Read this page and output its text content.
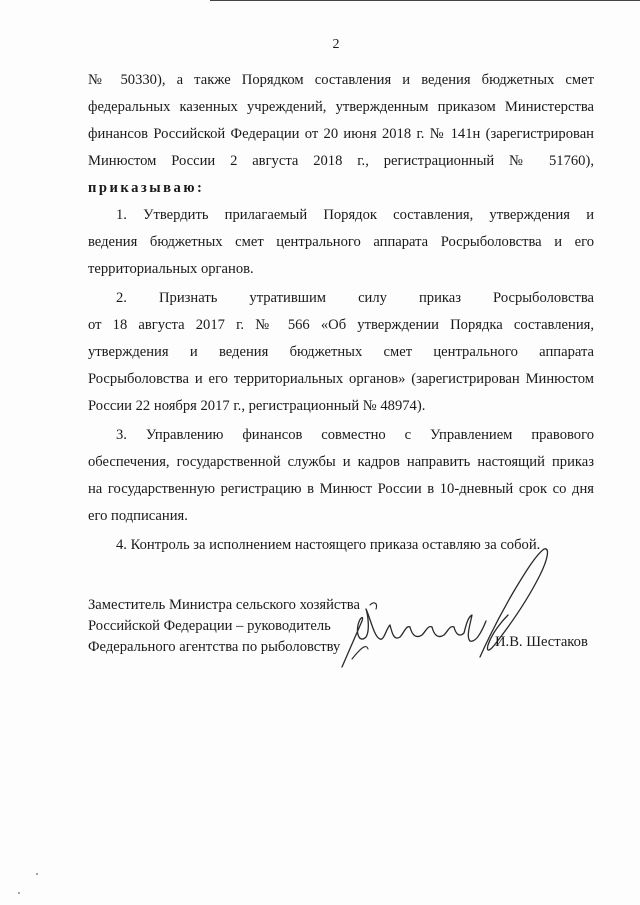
2
№ 50330), а также Порядком составления и ведения бюджетных смет
федеральных казенных учреждений, утвержденным приказом Министерства
финансов Российской Федерации от 20 июня 2018 г. № 141н (зарегистрирован
Минюстом России 2 августа 2018 г., регистрационный № 51760),
приказываю:
1. Утвердить прилагаемый Порядок составления, утверждения и
ведения бюджетных смет центрального аппарата Росрыболовства и его
территориальных органов.
2. Признать утратившим силу приказ Росрыболовства
от 18 августа 2017 г. № 566 «Об утверждении Порядка составления,
утверждения и ведения бюджетных смет центрального аппарата
Росрыболовства и его территориальных органов» (зарегистрирован Минюстом
России 22 ноября 2017 г., регистрационный № 48974).
3. Управлению финансов совместно с Управлением правового
обеспечения, государственной службы и кадров направить настоящий приказ
на государственную регистрацию в Минюст России в 10-дневный срок со дня
его подписания.
4. Контроль за исполнением настоящего приказа оставляю за собой.
Заместитель Министра сельского хозяйства
Российской Федерации – руководитель
Федерального агентства по рыболовству	И.В. Шестаков
